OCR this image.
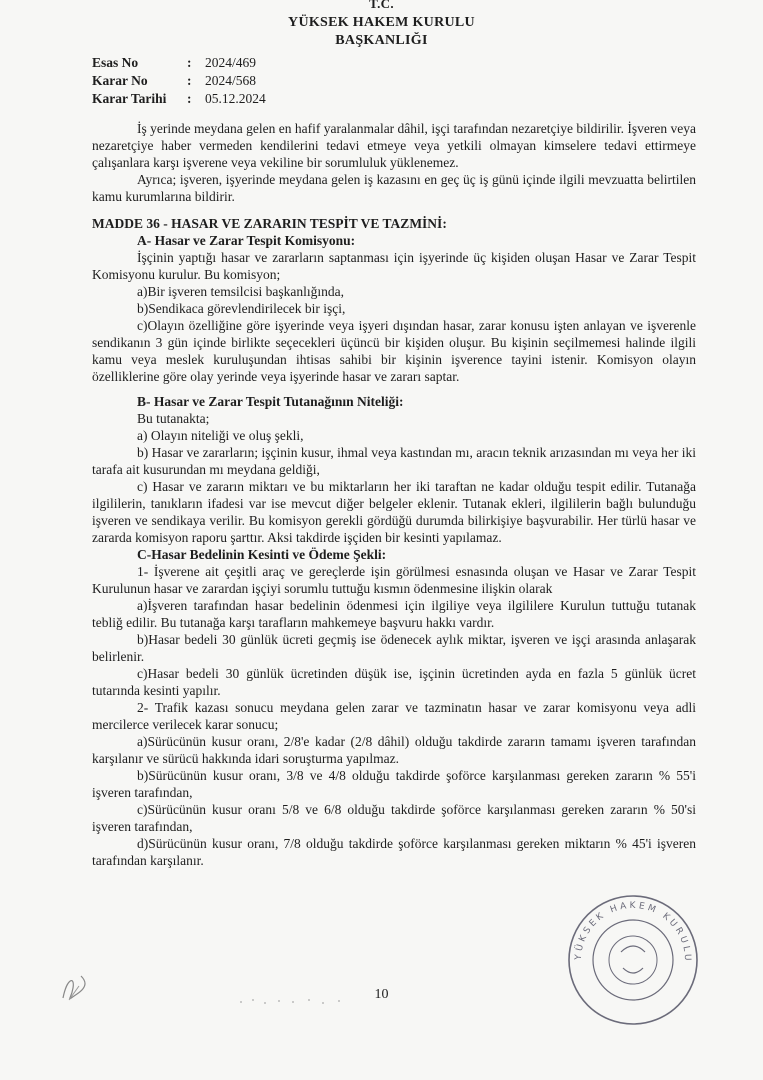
T.C.
YÜKSEK HAKEM KURULU
BAŞKANLIĞI
Esas No	:	2024/469
Karar No	:	2024/568
Karar Tarihi	:	05.12.2024

İş yerinde meydana gelen en hafif yaralanmalar dâhil, işçi tarafından nezaretçiye bildirilir. İşveren veya nezaretçiye haber vermeden kendilerini tedavi etmeye veya yetkili olmayan kimselere tedavi ettirmeye çalışanlara karşı işverene veya vekiline bir sorumluluk yüklenemez.

Ayrıca; işveren, işyerinde meydana gelen iş kazasını en geç üç iş günü içinde ilgili mevzuatta belirtilen kamu kurumlarına bildirir.

MADDE 36 - HASAR VE ZARARIN TESPİT VE TAZMİNİ:

A- Hasar ve Zarar Tespit Komisyonu:

İşçinin yaptığı hasar ve zararların saptanması için işyerinde üç kişiden oluşan Hasar ve Zarar Tespit Komisyonu kurulur. Bu komisyon;

a)Bir işveren temsilcisi başkanlığında,

b)Sendikaca görevlendirilecek bir işçi,

c)Olayın özelliğine göre işyerinde veya işyeri dışından hasar, zarar konusu işten anlayan ve işverenle sendikanın 3 gün içinde birlikte seçecekleri üçüncü bir kişiden oluşur. Bu kişinin seçilmemesi halinde ilgili kamu veya meslek kuruluşundan ihtisas sahibi bir kişinin işverence tayini istenir. Komisyon olayın özelliklerine göre olay yerinde veya işyerinde hasar ve zararı saptar.

B- Hasar ve Zarar Tespit Tutanağının Niteliği:

Bu tutanakta;

a) Olayın niteliği ve oluş şekli,

b) Hasar ve zararların; işçinin kusur, ihmal veya kastından mı, aracın teknik arızasından mı veya her iki tarafa ait kusurundan mı meydana geldiği,

c) Hasar ve zararın miktarı ve bu miktarların her iki taraftan ne kadar olduğu tespit edilir. Tutanağa ilgililerin, tanıkların ifadesi var ise mevcut diğer belgeler eklenir. Tutanak ekleri, ilgililerin bağlı bulunduğu işveren ve sendikaya verilir. Bu komisyon gerekli gördüğü durumda bilirkişiye başvurabilir. Her türlü hasar ve zararda komisyon raporu şarttır. Aksi takdirde işçiden bir kesinti yapılamaz.

C-Hasar Bedelinin Kesinti ve Ödeme Şekli:

1- İşverene ait çeşitli araç ve gereçlerde işin görülmesi esnasında oluşan ve Hasar ve Zarar Tespit Kurulunun hasar ve zarardan işçiyi sorumlu tuttuğu kısmın ödenmesine ilişkin olarak

a)İşveren tarafından hasar bedelinin ödenmesi için ilgiliye veya ilgililere Kurulun tuttuğu tutanak tebliğ edilir. Bu tutanağa karşı tarafların mahkemeye başvuru hakkı vardır.

b)Hasar bedeli 30 günlük ücreti geçmiş ise ödenecek aylık miktar, işveren ve işçi arasında anlaşarak belirlenir.

c)Hasar bedeli 30 günlük ücretinden düşük ise, işçinin ücretinden ayda en fazla 5 günlük ücret tutarında kesinti yapılır.

2- Trafik kazası sonucu meydana gelen zarar ve tazminatın hasar ve zarar komisyonu veya adli mercilerce verilecek karar sonucu;

a)Sürücünün kusur oranı, 2/8'e kadar (2/8 dâhil) olduğu takdirde zararın tamamı işveren tarafından karşılanır ve sürücü hakkında idari soruşturma yapılmaz.

b)Sürücünün kusur oranı, 3/8 ve 4/8 olduğu takdirde şoförce karşılanması gereken zararın % 55'i işveren tarafından,

c)Sürücünün kusur oranı 5/8 ve 6/8 olduğu takdirde şoförce karşılanması gereken zararın % 50'si işveren tarafından,

d)Sürücünün kusur oranı, 7/8 olduğu takdirde şoförce karşılanması gereken miktarın % 45'i işveren tarafından karşılanır.

10
YÜKSEK HAKEM KURULU
